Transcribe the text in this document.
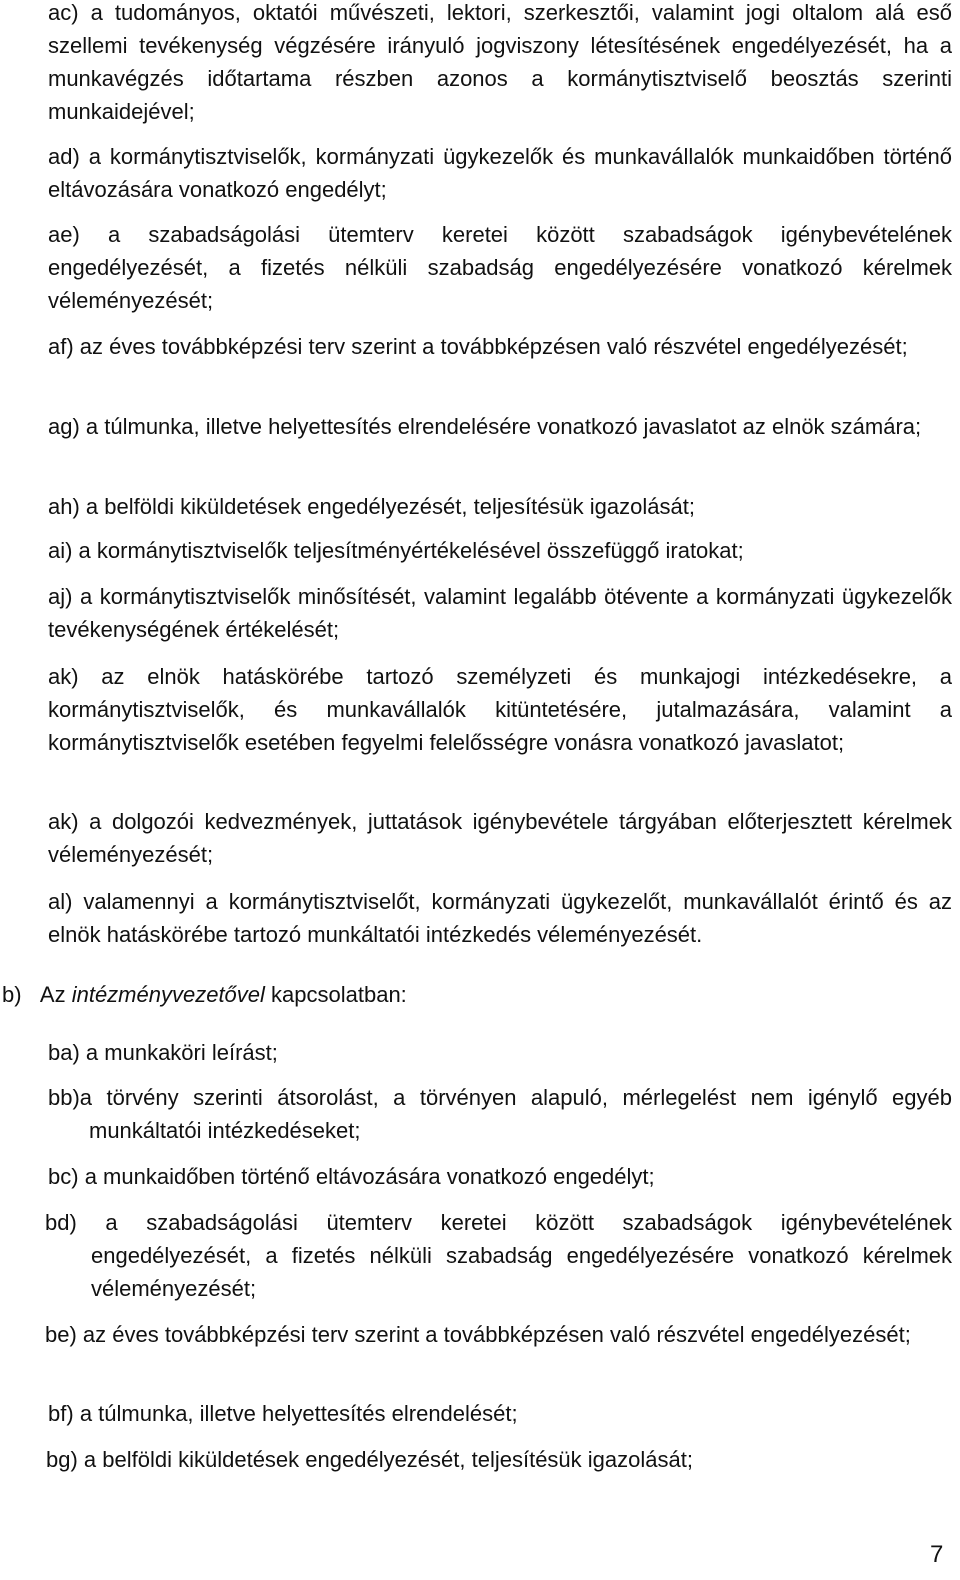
ac) a tudományos, oktatói művészeti, lektori, szerkesztői, valamint jogi oltalom alá eső szellemi tevékenység végzésére irányuló jogviszony létesítésének engedélyezését, ha a munkavégzés időtartama részben azonos a kormánytisztviselő beosztás szerinti munkaidejével;

ad) a kormánytisztviselők, kormányzati ügykezelők és munkavállalók munkaidőben történő eltávozására vonatkozó engedélyt;

ae) a szabadságolási ütemterv keretei között szabadságok igénybevételének engedélyezését, a fizetés nélküli szabadság engedélyezésére vonatkozó kérelmek véleményezését;

af) az éves továbbképzési terv szerint a továbbképzésen való részvétel engedélyezését;

ag) a túlmunka, illetve helyettesítés elrendelésére vonatkozó javaslatot az elnök számára;

ah) a belföldi kiküldetések engedélyezését, teljesítésük igazolását;

ai) a kormánytisztviselők teljesítményértékelésével összefüggő iratokat;

aj) a kormánytisztviselők minősítését, valamint legalább ötévente a kormányzati ügykezelők tevékenységének értékelését;

ak) az elnök hatáskörébe tartozó személyzeti és munkajogi intézkedésekre, a kormánytisztviselők, és munkavállalók kitüntetésére, jutalmazására, valamint a kormánytisztviselők esetében fegyelmi felelősségre vonásra vonatkozó javaslatot;

ak) a dolgozói kedvezmények, juttatások igénybevétele tárgyában előterjesztett kérelmek véleményezését;

al) valamennyi a kormánytisztviselőt, kormányzati ügykezelőt, munkavállalót érintő és az elnök hatáskörébe tartozó munkáltatói intézkedés véleményezését.

b) Az intézményvezetővel kapcsolatban:

ba) a munkaköri leírást;

bb)a törvény szerinti átsorolást, a törvényen alapuló, mérlegelést nem igénylő egyéb munkáltatói intézkedéseket;

bc) a munkaidőben történő eltávozására vonatkozó engedélyt;

bd) a szabadságolási ütemterv keretei között szabadságok igénybevételének engedélyezését, a fizetés nélküli szabadság engedélyezésére vonatkozó kérelmek véleményezését;

be) az éves továbbképzési terv szerint a továbbképzésen való részvétel engedélyezését;

bf) a túlmunka, illetve helyettesítés elrendelését;

bg) a belföldi kiküldetések engedélyezését, teljesítésük igazolását;

7
